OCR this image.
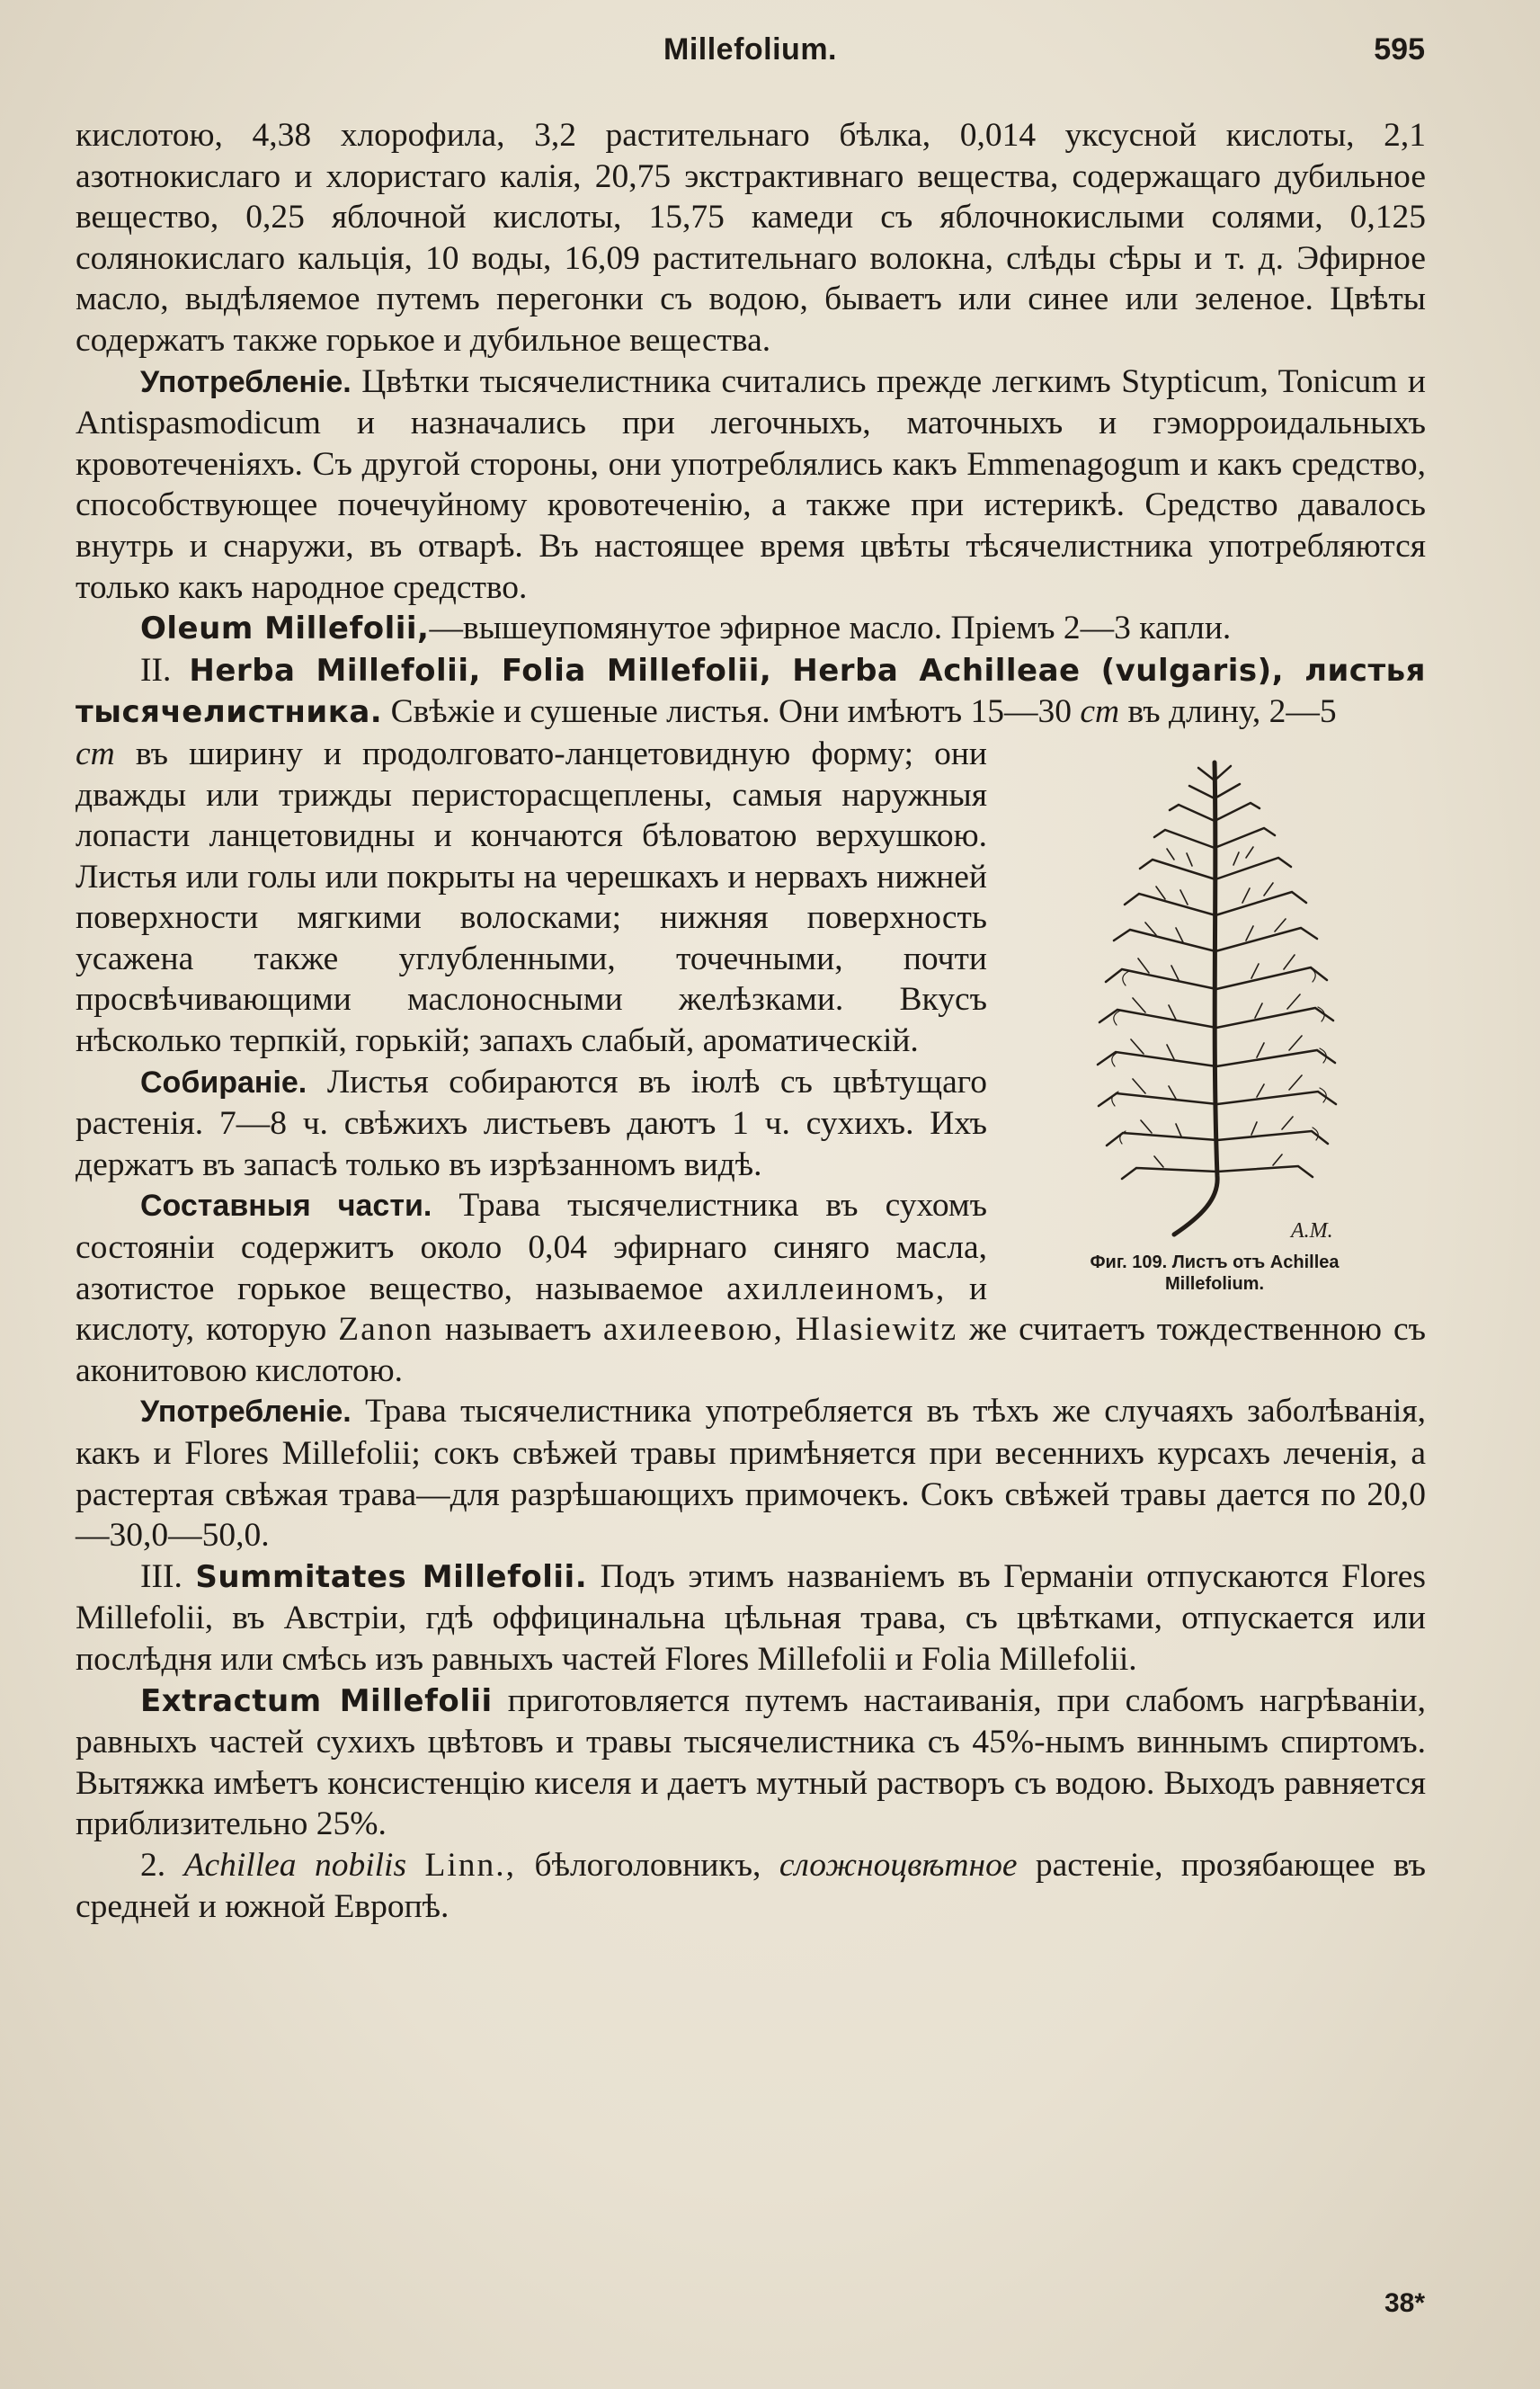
Millefolium.	595

кислотою, 4,38 хлорофила, 3,2 растительнаго бѣлка, 0,014 уксусной кислоты, 2,1 азотнокислаго и хлористаго калія, 20,75 экстрактивнаго вещества, содержащаго дубильное вещество, 0,25 яблочной кислоты, 15,75 камеди съ яблочнокислыми солями, 0,125 солянокислаго кальція, 10 воды, 16,09 растительнаго волокна, слѣды сѣры и т. д. Эфирное масло, выдѣляемое путемъ перегонки съ водою, бываетъ или синее или зеленое. Цвѣты содержатъ также горькое и дубильное вещества.

Употребленіе. Цвѣтки тысячелистника считались прежде легкимъ Stypticum, Tonicum и Antispasmodicum и назначались при легочныхъ, маточныхъ и гэморроидальныхъ кровотеченіяхъ. Съ другой стороны, они употреблялись какъ Emmenagogum и какъ средство, способствующее почечуйному кровотеченію, а также при истерикѣ. Средство давалось внутрь и снаружи, въ отварѣ. Въ настоящее время цвѣты тѣсячелистника употребляются только какъ народное средство.

Oleum Millefolii,—вышеупомянутое эфирное масло. Пріемъ 2—3 капли.

II. Herba Millefolii, Folia Millefolii, Herba Achilleae (vulgaris), листья тысячелистника. Свѣжіе и сушеные листья. Они имѣютъ 15—30 cm въ длину, 2—5

A.M.
Фиг. 109. Листъ отъ Achillea
Millefolium.
cm въ ширину и продолговато-ланцетовидную форму; они дважды или трижды перисторасщеплены, самыя наружныя лопасти ланцетовидны и кончаются бѣловатою верхушкою. Листья или голы или покрыты на черешкахъ и нервахъ нижней поверхности мягкими волосками; нижняя поверхность усажена также углубленными, точечными, почти просвѣчивающими маслоносными желѣзками. Вкусъ нѣсколько терпкій, горькій; запахъ слабый, ароматическій.

Собираніе. Листья собираются въ іюлѣ съ цвѣтущаго растенія. 7—8 ч. свѣжихъ листьевъ даютъ 1 ч. сухихъ. Ихъ держатъ въ запасѣ только въ изрѣзанномъ видѣ.

Составныя части. Трава тысячелистника въ сухомъ состояніи содержитъ около 0,04 эфирнаго синяго масла, азотистое горькое вещество, называемое ахиллеиномъ, и кислоту, которую Zanon называетъ ахилеевою, Hlasiewitz же считаетъ тождественною съ аконитовою кислотою.

Употребленіе. Трава тысячелистника употребляется въ тѣхъ же случаяхъ заболѣванія, какъ и Flores Millefolii; сокъ свѣжей травы примѣняется при весеннихъ курсахъ леченія, а растертая свѣжая трава—для разрѣшающихъ примочекъ. Сокъ свѣжей травы дается по 20,0—30,0—50,0.

III. Summitates Millefolii. Подъ этимъ названіемъ въ Германіи отпускаются Flores Millefolii, въ Австріи, гдѣ оффицинальна цѣльная трава, съ цвѣтками, отпускается или послѣдня или смѣсь изъ равныхъ частей Flores Millefolii и Folia Millefolii.

Extractum Millefolii приготовляется путемъ настаиванія, при слабомъ нагрѣваніи, равныхъ частей сухихъ цвѣтовъ и травы тысячелистника съ 45%-нымъ виннымъ спиртомъ. Вытяжка имѣетъ консистенцію киселя и даетъ мутный растворъ съ водою. Выходъ равняется приблизительно 25%.

2. Achillea nobilis Linn., бѣлоголовникъ, сложноцвѣтное растеніе, прозябающее въ средней и южной Европѣ.

38*
